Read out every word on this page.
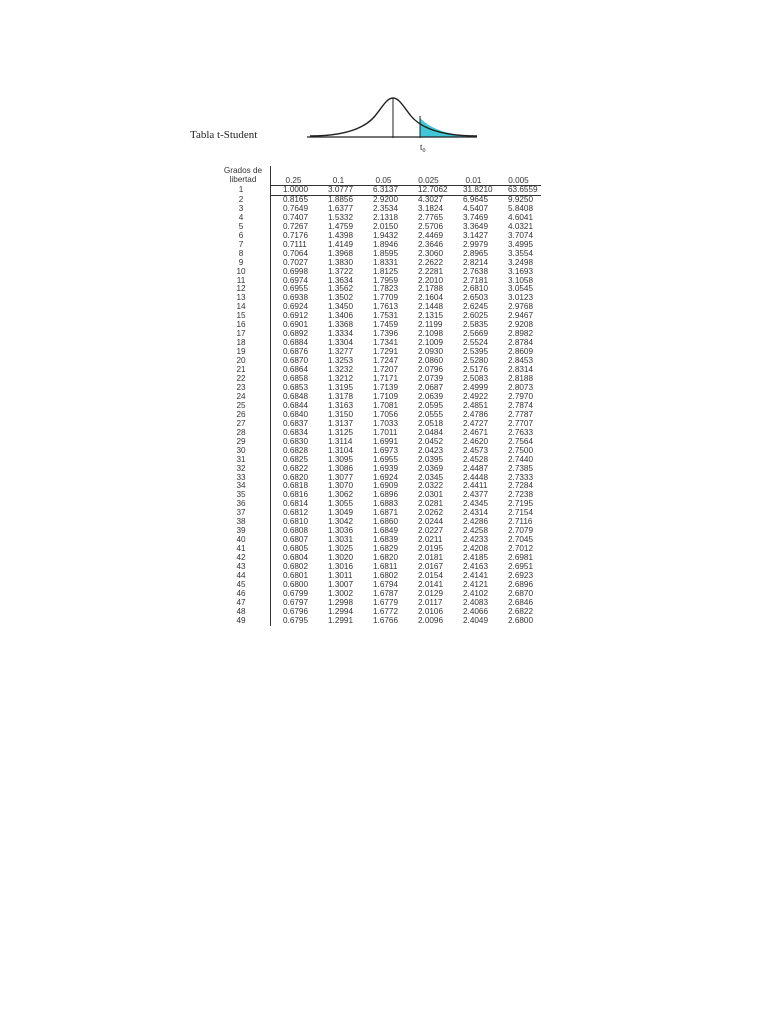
Tabla t-Student
$t_0$
Grados de
libertad	0.25	0.1	0.05	0.025	0.01	0.005
1	1.0000	3.0777	6.3137	12.7062	31.8210	63.6559
2	0.8165	1.8856	2.9200	4.3027	6.9645	9.9250
3	0.7649	1.6377	2.3534	3.1824	4.5407	5.8408
4	0.7407	1.5332	2.1318	2.7765	3.7469	4.6041
5	0.7267	1.4759	2.0150	2.5706	3.3649	4.0321
6	0.7176	1.4398	1.9432	2.4469	3.1427	3.7074
7	0.7111	1.4149	1.8946	2.3646	2.9979	3.4995
8	0.7064	1.3968	1.8595	2.3060	2.8965	3.3554
9	0.7027	1.3830	1.8331	2.2622	2.8214	3.2498
10	0.6998	1.3722	1.8125	2.2281	2.7638	3.1693
11	0.6974	1.3634	1.7959	2.2010	2.7181	3.1058
12	0.6955	1.3562	1.7823	2.1788	2.6810	3.0545
13	0.6938	1.3502	1.7709	2.1604	2.6503	3.0123
14	0.6924	1.3450	1.7613	2.1448	2.6245	2.9768
15	0.6912	1.3406	1.7531	2.1315	2.6025	2.9467
16	0.6901	1.3368	1.7459	2.1199	2.5835	2.9208
17	0.6892	1.3334	1.7396	2.1098	2.5669	2.8982
18	0.6884	1.3304	1.7341	2.1009	2.5524	2.8784
19	0.6876	1.3277	1.7291	2.0930	2.5395	2.8609
20	0.6870	1.3253	1.7247	2.0860	2.5280	2.8453
21	0.6864	1.3232	1.7207	2.0796	2.5176	2.8314
22	0.6858	1.3212	1.7171	2.0739	2.5083	2.8188
23	0.6853	1.3195	1.7139	2.0687	2.4999	2.8073
24	0.6848	1.3178	1.7109	2.0639	2.4922	2.7970
25	0.6844	1.3163	1.7081	2.0595	2.4851	2.7874
26	0.6840	1.3150	1.7056	2.0555	2.4786	2.7787
27	0.6837	1.3137	1.7033	2.0518	2.4727	2.7707
28	0.6834	1.3125	1.7011	2.0484	2.4671	2.7633
29	0.6830	1.3114	1.6991	2.0452	2.4620	2.7564
30	0.6828	1.3104	1.6973	2.0423	2.4573	2.7500
31	0.6825	1.3095	1.6955	2.0395	2.4528	2.7440
32	0.6822	1.3086	1.6939	2.0369	2.4487	2.7385
33	0.6820	1.3077	1.6924	2.0345	2.4448	2.7333
34	0.6818	1.3070	1.6909	2.0322	2.4411	2.7284
35	0.6816	1.3062	1.6896	2.0301	2.4377	2.7238
36	0.6814	1.3055	1.6883	2.0281	2.4345	2.7195
37	0.6812	1.3049	1.6871	2.0262	2.4314	2.7154
38	0.6810	1.3042	1.6860	2.0244	2.4286	2.7116
39	0.6808	1.3036	1.6849	2.0227	2.4258	2.7079
40	0.6807	1.3031	1.6839	2.0211	2.4233	2.7045
41	0.6805	1.3025	1.6829	2.0195	2.4208	2.7012
42	0.6804	1.3020	1.6820	2.0181	2.4185	2.6981
43	0.6802	1.3016	1.6811	2.0167	2.4163	2.6951
44	0.6801	1.3011	1.6802	2.0154	2.4141	2.6923
45	0.6800	1.3007	1.6794	2.0141	2.4121	2.6896
46	0.6799	1.3002	1.6787	2.0129	2.4102	2.6870
47	0.6797	1.2998	1.6779	2.0117	2.4083	2.6846
48	0.6796	1.2994	1.6772	2.0106	2.4066	2.6822
49	0.6795	1.2991	1.6766	2.0096	2.4049	2.6800
